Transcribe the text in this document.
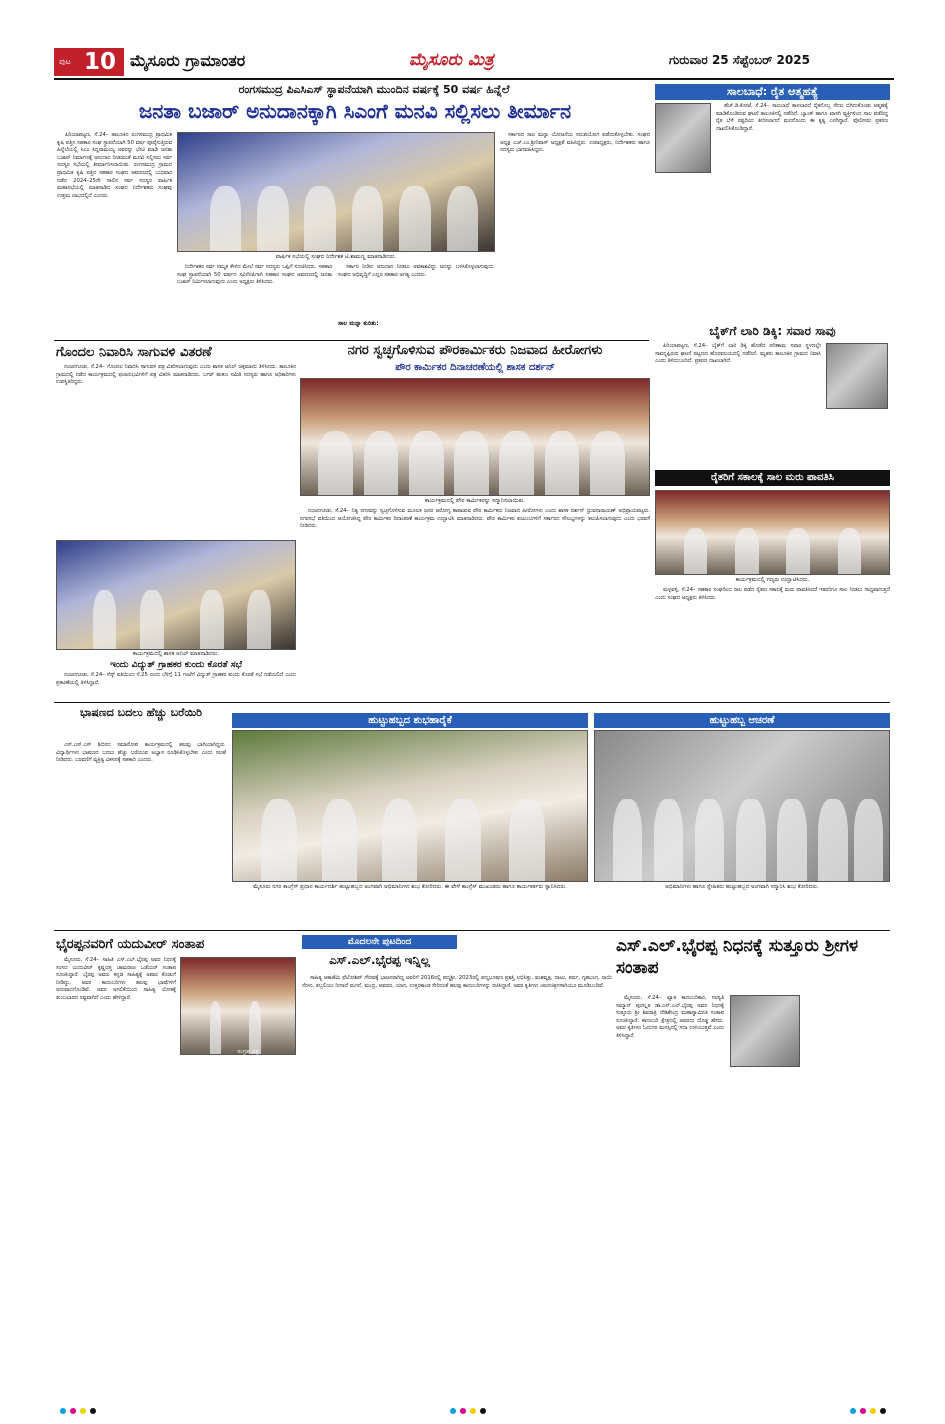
ಪುಟ 10 ಮೈಸೂರು ಗ್ರಾಮಾಂತರ	ಮೈಸೂರು ಮಿತ್ರ	ಗುರುವಾರ 25 ಸೆಪ್ಟೆಂಬರ್ 2025
ರಂಗಸಮುದ್ರ ಪಿಎಸಿಎಸ್ ಸ್ಥಾಪನೆಯಾಗಿ ಮುಂದಿನ ವರ್ಷಕ್ಕೆ 50 ವರ್ಷ ಹಿನ್ನೆಲೆ
ಜನತಾ ಬಜಾರ್ ಅನುದಾನಕ್ಕಾಗಿ ಸಿಎಂಗೆ ಮನವಿ ಸಲ್ಲಿಸಲು ತೀರ್ಮಾನ

ಪಿರಿಯಾಪಟ್ಟಣ, ಸೆ.24– ತಾಲೂಕಿನ ರಂಗಸಮುದ್ರ ಪ್ರಾಥಮಿಕ ಕೃಷಿ ಪತ್ತಿನ ಸಹಕಾರ ಸಂಘ ಸ್ಥಾಪನೆಯಾಗಿ 50 ವರ್ಷ ಪೂರೈಸುತ್ತಿರುವ ಹಿನ್ನೆಲೆಯಲ್ಲಿ ಸಿಎಂ ಸಿದ್ದರಾಮಯ್ಯ ಅವರನ್ನು ಭೇಟಿ ಮಾಡಿ ಜನತಾ ಬಜಾರ್ ನಿರ್ಮಾಣಕ್ಕೆ ಅನುದಾನ ನೀಡುವಂತೆ ಮನವಿ ಸಲ್ಲಿಸಲು ಸರ್ವ ಸದಸ್ಯರ ಸಭೆಯಲ್ಲಿ ತೀರ್ಮಾನಿಸಲಾಯಿತು. ರಂಗಸಮುದ್ರ ಗ್ರಾಮದ ಪ್ರಾಥಮಿಕ ಕೃಷಿ ಪತ್ತಿನ ಸಹಕಾರ ಸಂಘದ ಆವರಣದಲ್ಲಿ ಬುಧವಾರ ನಡೆದ 2024–25ನೇ ಸಾಲಿನ ಸರ್ವ ಸದಸ್ಯರ ವಾರ್ಷಿಕ ಮಹಾಸಭೆಯಲ್ಲಿ ಮಾತನಾಡಿದ ಸಂಘದ ನಿರ್ದೇಶಕರು ಸಂಘವು ಉತ್ತಮ ಲಾಭದಲ್ಲಿದೆ ಎಂದರು.

ವಾರ್ಷಿಕ ಸಭೆಯಲ್ಲಿ ಸಂಘದ ನಿರ್ದೇಶಕ ಟಿ.ಶಾಮಣ್ಣ ಮಾತನಾಡಿದರು.

ನಿರ್ದೇಶಕರ ಸರ್ವ ಸಮ್ಮತ ಕೇಳಿದ ಮೇಲೆ ಸರ್ವ ಸದಸ್ಯರು ಒಪ್ಪಿಗೆ ಸೂಚಿಸಿದರು. ಸಹಕಾರ ಸಂಘ ಸ್ಥಾಪನೆಯಾಗಿ 50 ವರ್ಷದ ಸವಿನೆನಪಿಗಾಗಿ ಸಹಕಾರ ಸಂಘದ ಅವರಣದಲ್ಲಿ ಜನತಾ ಬಜಾರ್ ನಿರ್ಮಿಸಲಾಗುವುದು ಎಂದು ಅಧ್ಯಕ್ಷರು ತಿಳಿಸಿದರು.

ಸರ್ಕಾರ ನೀಡಿದ ಅನುದಾನ ನೀಡಲು ಅವಕಾಶವಿದ್ದು ಅದನ್ನು ಬಳಸಿಕೊಳ್ಳಲಾಗುವುದು. ಸಂಘದ ಅಭಿವೃದ್ಧಿಗೆ ಎಲ್ಲರ ಸಹಕಾರ ಅಗತ್ಯ ಎಂದರು.

ಸಾಲ ಮನ್ನಾ ಕುರಿತು:

ಸರ್ಕಾರದ ಸಾಲ ಮನ್ನಾ ಯೋಜನೆಯ ಸದುಪಯೋಗ ಪಡೆದುಕೊಳ್ಳಬೇಕು. ಸಂಘದ ಅಧ್ಯಕ್ಷ ಎಚ್.ಎಂ.ಶ್ರೀನಿವಾಸ್ ಅಧ್ಯಕ್ಷತೆ ವಹಿಸಿದ್ದರು. ಉಪಾಧ್ಯಕ್ಷರು, ನಿರ್ದೇಶಕರು ಹಾಗೂ ಸದಸ್ಯರು ಭಾಗವಹಿಸಿದ್ದರು.

ಸಾಲಬಾಧೆ: ರೈತ ಆತ್ಮಹತ್ಯೆ

ಹೆಚ್.ಡಿ.ಕೋಟೆ, ಸೆ.24– ಸಾಲಬಾಧೆ ತಾಳಲಾರದೆ ರೈತನೊಬ್ಬ ನೇಣು ಬಿಗಿದುಕೊಂಡು ಆತ್ಮಹತ್ಯೆ ಮಾಡಿಕೊಂಡಿರುವ ಘಟನೆ ತಾಲೂಕಿನಲ್ಲಿ ನಡೆದಿದೆ. ಬ್ಯಾಂಕ್ ಹಾಗೂ ಖಾಸಗಿ ವ್ಯಕ್ತಿಗಳಿಂದ ಸಾಲ ಪಡೆದಿದ್ದ ರೈತ ಬೆಳೆ ನಷ್ಟದಿಂದ ತೀರಿಸಲಾಗದೆ ಮನನೊಂದು ಈ ಕೃತ್ಯ ಎಸಗಿದ್ದಾರೆ. ಪೊಲೀಸರು ಪ್ರಕರಣ ದಾಖಲಿಸಿಕೊಂಡಿದ್ದಾರೆ.

ಬೈಕ್‌ಗೆ ಲಾರಿ ಡಿಕ್ಕಿ: ಸವಾರ ಸಾವು

ಪಿರಿಯಾಪಟ್ಟಣ, ಸೆ.24– ಬೈಕ್‌ಗೆ ಲಾರಿ ಡಿಕ್ಕಿ ಹೊಡೆದ ಪರಿಣಾಮ ಸವಾರ ಸ್ಥಳದಲ್ಲೇ ಸಾವನ್ನಪ್ಪಿರುವ ಘಟನೆ ಪಟ್ಟಣದ ಹೊರವಲಯದಲ್ಲಿ ನಡೆದಿದೆ. ಮೃತರು ತಾಲೂಕಿನ ಗ್ರಾಮದ ನಿವಾಸಿ ಎಂದು ತಿಳಿದುಬಂದಿದೆ. ಪ್ರಕರಣ ದಾಖಲಾಗಿದೆ.

ರೈತರಿಗೆ ಸಕಾಲಕ್ಕೆ ಸಾಲ ಮರು ಪಾವತಿಸಿ
ಕಾರ್ಯಕ್ರಮದಲ್ಲಿ ಗಣ್ಯರು ಉದ್ಘಾಟಿಸಿದರು.

ಮಳ್ಳವಳ್ಳಿ, ಸೆ.24– ಸಹಕಾರ ಸಂಘದಿಂದ ಸಾಲ ಪಡೆದ ರೈತರು ಸಕಾಲಕ್ಕೆ ಮರು ಪಾವತಿಸಿದರೆ ಇತರರಿಗೂ ಸಾಲ ನೀಡಲು ಸಾಧ್ಯವಾಗುತ್ತದೆ ಎಂದು ಸಂಘದ ಅಧ್ಯಕ್ಷರು ತಿಳಿಸಿದರು.

ಗೊಂದಲ ನಿವಾರಿಸಿ ಸಾಗುವಳಿ ವಿತರಣೆ

ನಂಜನಗೂಡು, ಸೆ.24– ಗೊಂದಲ ನಿವಾರಿಸಿ ಸಾಗುವಳಿ ಪತ್ರ ವಿತರಿಸಲಾಗುವುದು ಎಂದು ಶಾಸಕ ಅನಿಲ್ ಚಿಕ್ಕಮಾದು ತಿಳಿಸಿದರು. ತಾಲೂಕಿನ ಗ್ರಾಮದಲ್ಲಿ ನಡೆದ ಕಾರ್ಯಕ್ರಮದಲ್ಲಿ ಫಲಾನುಭವಿಗಳಿಗೆ ಪತ್ರ ವಿತರಿಸಿ ಮಾತನಾಡಿದರು. ಬಗರ್ ಹುಕುಂ ಸಮಿತಿ ಸದಸ್ಯರು ಹಾಗೂ ಅಧಿಕಾರಿಗಳು ಉಪಸ್ಥಿತರಿದ್ದರು.

ಕಾರ್ಯಕ್ರಮದಲ್ಲಿ ಶಾಸಕ ಅನಿಲ್ ಮಾತನಾಡಿದರು.
ಇಂದು ವಿದ್ಯುತ್ ಗ್ರಾಹಕರ ಕುಂದು ಕೊರತೆ ಸಭೆ

ನಂಜನಗೂಡು, ಸೆ.24– ಸೆಸ್ಕ್ ವತಿಯಿಂದ ಸೆ.25 ರಂದು ಬೆಳಿಗ್ಗೆ 11 ಗಂಟೆಗೆ ವಿದ್ಯುತ್ ಗ್ರಾಹಕರ ಕುಂದು ಕೊರತೆ ಸಭೆ ನಡೆಯಲಿದೆ ಎಂದು ಪ್ರಕಟಣೆಯಲ್ಲಿ ತಿಳಿಸಿದ್ದಾರೆ.

ನಗರ ಸ್ವಚ್ಛಗೊಳಿಸುವ ಪೌರಕಾರ್ಮಿಕರು ನಿಜವಾದ ಹೀರೋಗಳು
ಪೌರ ಕಾರ್ಮಿಕರ ದಿನಾಚರಣೆಯಲ್ಲಿ ಶಾಸಕ ದರ್ಶನ್
ಕಾರ್ಯಕ್ರಮದಲ್ಲಿ ಪೌರ ಕಾರ್ಮಿಕರನ್ನು ಸನ್ಮಾನಿಸಲಾಯಿತು.

ನಂಜನಗೂಡು, ಸೆ.24– ನಿತ್ಯ ನಗರವನ್ನು ಸ್ವಚ್ಛಗೊಳಿಸುವ ಮೂಲಕ ಜನರ ಆರೋಗ್ಯ ಕಾಪಾಡುವ ಪೌರ ಕಾರ್ಮಿಕರು ನಿಜವಾದ ಹೀರೋಗಳು ಎಂದು ಶಾಸಕ ದರ್ಶನ್ ಧ್ರುವನಾರಾಯಣ್ ಅಭಿಪ್ರಾಯಪಟ್ಟರು. ನಗರಸಭೆ ವತಿಯಿಂದ ಆಯೋಜಿಸಿದ್ದ ಪೌರ ಕಾರ್ಮಿಕರ ದಿನಾಚರಣೆ ಕಾರ್ಯಕ್ರಮ ಉದ್ಘಾಟಿಸಿ ಮಾತನಾಡಿದರು. ಪೌರ ಕಾರ್ಮಿಕರ ಕುಟುಂಬಗಳಿಗೆ ಸರ್ಕಾರದ ಸೌಲಭ್ಯಗಳನ್ನು ತಲುಪಿಸಲಾಗುವುದು ಎಂದು ಭರವಸೆ ನೀಡಿದರು.

ಭಾಷಣದ ಬದಲು ಹೆಚ್ಚು ಬರೆಯಿರಿ

ಎನ್.ಎಸ್.ಎಸ್ ಶಿಬಿರದ ಸಮಾರೋಪ ಕಾರ್ಯಕ್ರಮದಲ್ಲಿ ಹಲವು ಭಾಗಿಯಾಗಿದ್ದರು. ವಿದ್ಯಾರ್ಥಿಗಳು ಭಾಷಣದ ಬದಲು ಹೆಚ್ಚು ಬರೆಯುವ ಅಭ್ಯಾಸ ರೂಢಿಸಿಕೊಳ್ಳಬೇಕು ಎಂದು ಸಲಹೆ ನೀಡಿದರು. ಬರವಣಿಗೆ ವ್ಯಕ್ತಿತ್ವ ವಿಕಸನಕ್ಕೆ ಸಹಕಾರಿ ಎಂದರು.

ಹುಟ್ಟುಹಬ್ಬದ ಶುಭಹಾರೈಕೆ
ಮೈಸೂರು ನಗರ ಕಾಂಗ್ರೆಸ್ ಪ್ರಧಾನ ಕಾರ್ಯದರ್ಶಿ ಹುಟ್ಟುಹಬ್ಬದ ಅಂಗವಾಗಿ ಅಭಿಮಾನಿಗಳು ಶುಭ ಕೋರಿದರು. ಈ ವೇಳೆ ಕಾಂಗ್ರೆಸ್ ಮುಖಂಡರು ಹಾಗೂ ಕಾರ್ಯಕರ್ತರು ಸ್ನಾನಿಸಿದರು.
ಹುಟ್ಟುಹಬ್ಬ ಆಚರಣೆ
ಅಭಿಮಾನಿಗಳು ಹಾಗೂ ಸ್ನೇಹಿತರು ಹುಟ್ಟುಹಬ್ಬದ ಅಂಗವಾಗಿ ಸನ್ಮಾನಿಸಿ ಶುಭ ಕೋರಿದರು.
ಭೈರಪ್ಪನವರಿಗೆ ಯದುವೀರ್ ಸಂತಾಪ
ಸಂಗ್ರಹ ಚಿತ್ರ

ಮೈಸೂರು, ಸೆ.24– ಸಾಹಿತಿ ಎಸ್.ಎಲ್.ಭೈರಪ್ಪ ಅವರ ನಿಧನಕ್ಕೆ ಸಂಸದ ಯದುವೀರ್ ಕೃಷ್ಣದತ್ತ ಚಾಮರಾಜ ಒಡೆಯರ್ ಸಂತಾಪ ಸೂಚಿಸಿದ್ದಾರೆ. ಭೈರಪ್ಪ ಅವರು ಕನ್ನಡ ಸಾಹಿತ್ಯಕ್ಕೆ ಅಪಾರ ಕೊಡುಗೆ ನೀಡಿದ್ದು, ಅವರ ಕಾದಂಬರಿಗಳು ಹಲವು ಭಾಷೆಗಳಿಗೆ ಅನುವಾದಗೊಂಡಿವೆ. ಅವರ ಅಗಲಿಕೆಯಿಂದ ಸಾಹಿತ್ಯ ಲೋಕಕ್ಕೆ ತುಂಬಲಾರದ ನಷ್ಟವಾಗಿದೆ ಎಂದು ಹೇಳಿದ್ದಾರೆ.

ಮೊದಲನೇ ಪುಟದಿಂದ
ಎಸ್.ಎಲ್.ಭೈರಪ್ಪ ಇನ್ನಿಲ್ಲ

ಸಾಹಿತ್ಯ ಅಕಾಡೆಮಿ ಫೆಲೋಶಿಪ್ ಗೌರವಕ್ಕೆ ಭಾಜನರಾಗಿದ್ದ ಅವರಿಗೆ 2016ರಲ್ಲಿ ಪದ್ಮಶ್ರೀ, 2023ರಲ್ಲಿ ಪದ್ಮಭೂಷಣ ಪ್ರಶಸ್ತಿ ಲಭಿಸಿತ್ತು. ವಂಶವೃಕ್ಷ, ದಾಟು, ಪರ್ವ, ಗೃಹಭಂಗ, ನಾಯಿ ನೆರಳು, ತಬ್ಬಲಿಯು ನೀನಾದೆ ಮಗನೆ, ಮಂದ್ರ, ಆವರಣ, ಯಾನ, ಉತ್ತರಕಾಂಡ ಸೇರಿದಂತೆ ಹಲವು ಕಾದಂಬರಿಗಳನ್ನು ರಚಿಸಿದ್ದಾರೆ. ಅವರ ಕೃತಿಗಳು ಚಲನಚಿತ್ರಗಳಾಗಿಯೂ ಮೂಡಿಬಂದಿವೆ.

ಎಸ್.ಎಲ್.ಭೈರಪ್ಪ ನಿಧನಕ್ಕೆ ಸುತ್ತೂರು ಶ್ರೀಗಳ ಸಂತಾಪ

ಮೈಸೂರು, ಸೆ.24– ಖ್ಯಾತ ಕಾದಂಬರಿಕಾರ, ಸರಸ್ವತಿ ಸಮ್ಮಾನ್ ಪುರಸ್ಕೃತ ಡಾ.ಎಸ್.ಎಲ್.ಭೈರಪ್ಪ ಅವರ ನಿಧನಕ್ಕೆ ಸುತ್ತೂರು ಶ್ರೀ ಶಿವರಾತ್ರಿ ದೇಶಿಕೇಂದ್ರ ಮಹಾಸ್ವಾಮೀಜಿ ಸಂತಾಪ ಸೂಚಿಸಿದ್ದಾರೆ. ಕಾದಂಬರಿ ಕ್ಷೇತ್ರದಲ್ಲಿ ಅವರದು ದೊಡ್ಡ ಹೆಸರು. ಅವರ ಕೃತಿಗಳು ಓದುಗರ ಮನಸ್ಸಿನಲ್ಲಿ ಸದಾ ಉಳಿಯುತ್ತವೆ ಎಂದು ತಿಳಿಸಿದ್ದಾರೆ.
